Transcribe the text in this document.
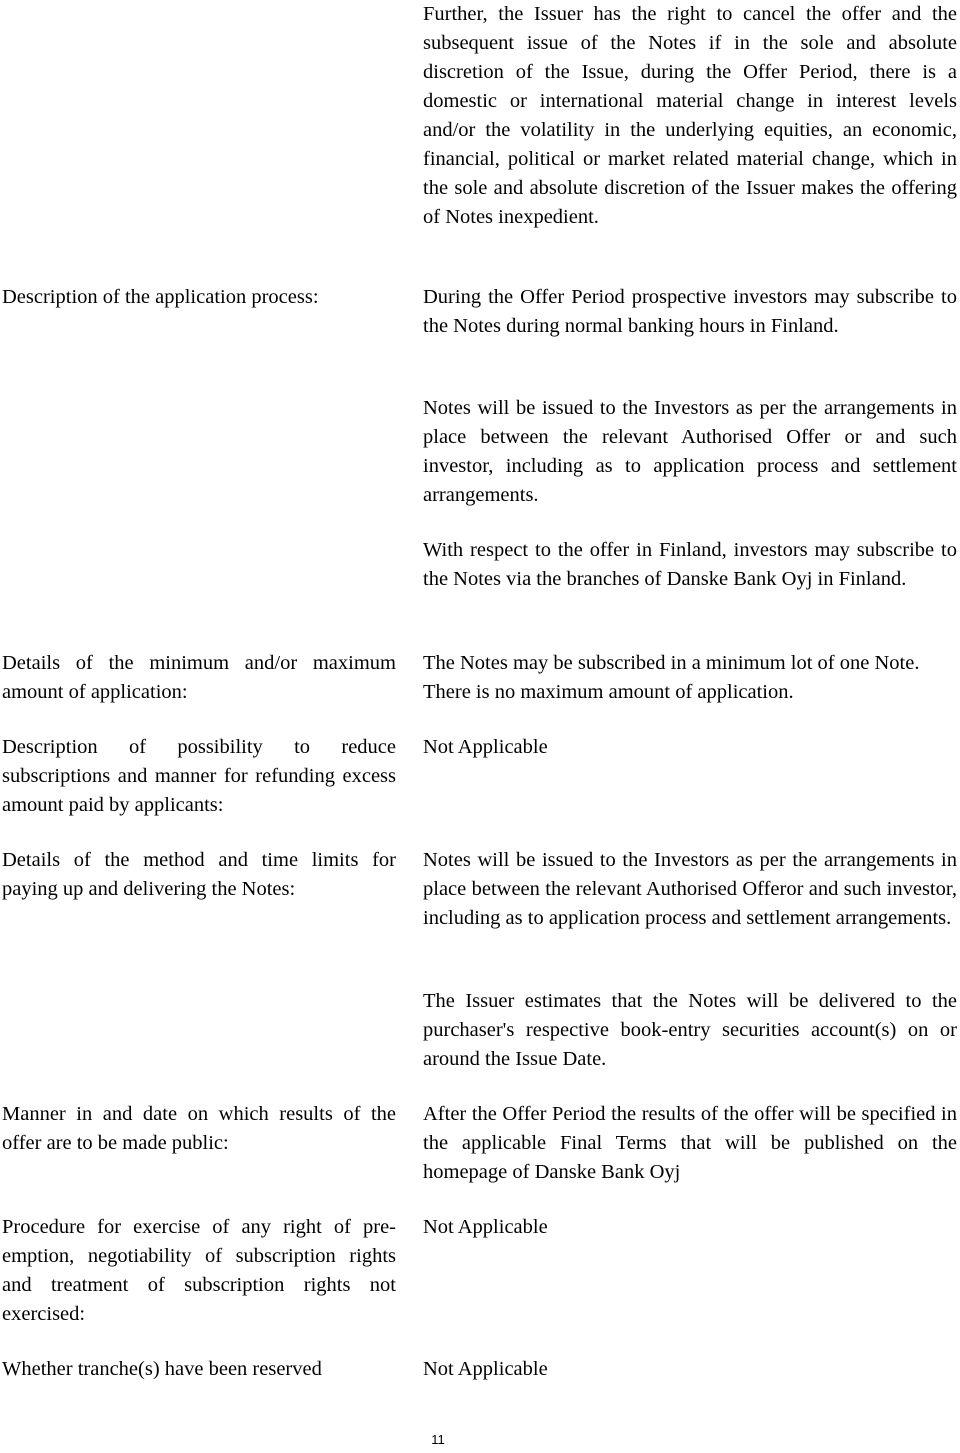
Further, the Issuer has the right to cancel the offer and the subsequent issue of the Notes if in the sole and absolute discretion of the Issue, during the Offer Period, there is a domestic or international material change in interest levels and/or the volatility in the underlying equities, an economic, financial, political or market related material change, which in the sole and absolute discretion of the Issuer makes the offering of Notes inexpedient.

Description of the application process:	During the Offer Period prospective investors may subscribe to the Notes during normal banking hours in Finland.

Notes will be issued to the Investors as per the arrangements in place between the relevant Authorised Offer or and such investor, including as to application process and settlement arrangements.

With respect to the offer in Finland, investors may subscribe to the Notes via the branches of Danske Bank Oyj in Finland.

Details of the minimum and/or maximum amount of application:

The Notes may be subscribed in a minimum lot of one Note. There is no maximum amount of application.

Description of possibility to reduce subscriptions and manner for refunding excess amount paid by applicants:

Not Applicable

Details of the method and time limits for paying up and delivering the Notes:

Notes will be issued to the Investors as per the arrangements in place between the relevant Authorised Offeror and such investor, including as to application process and settlement arrangements.

The Issuer estimates that the Notes will be delivered to the purchaser's respective book-entry securities account(s) on or around the Issue Date.

Manner in and date on which results of the offer are to be made public:

After the Offer Period the results of the offer will be specified in the applicable Final Terms that will be published on the homepage of Danske Bank Oyj

Procedure for exercise of any right of pre-emption, negotiability of subscription rights and treatment of subscription rights not exercised:

Not Applicable

Whether tranche(s) have been reserved	Not Applicable

11
